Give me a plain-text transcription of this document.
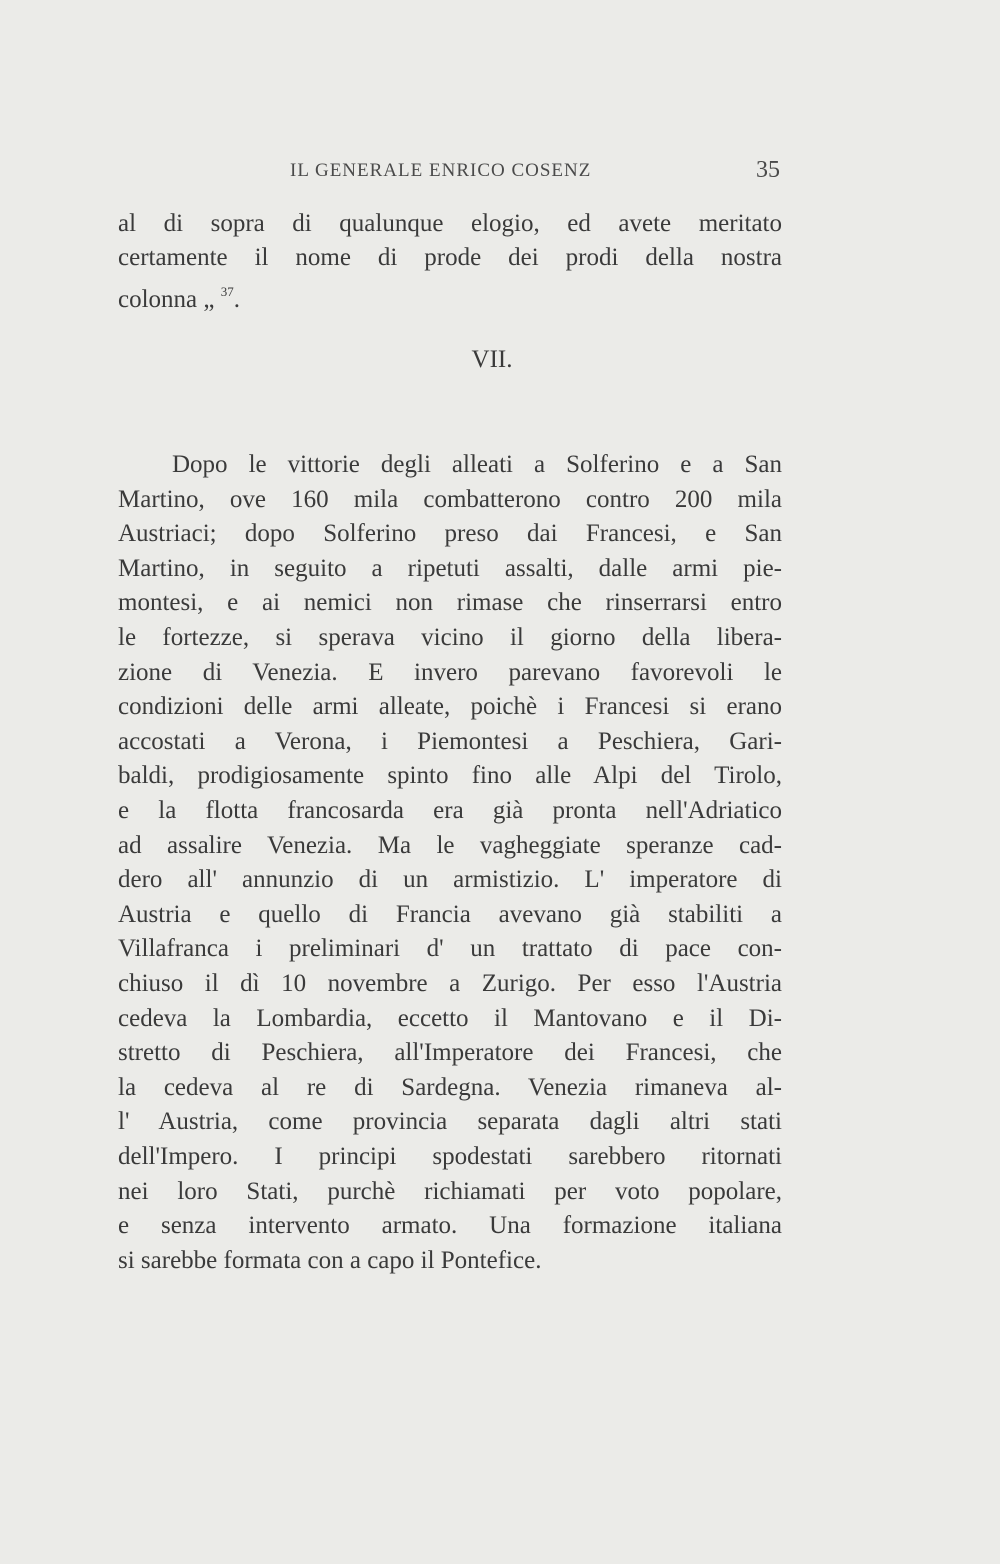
IL GENERALE ENRICO COSENZ	35
al di sopra di qualunque elogio, ed avete meritato
certamente il nome di prode dei prodi della nostra
colonna „ $^{37}$.
VII.
Dopo le vittorie degli alleati a Solferino e a San
Martino, ove 160 mila combatterono contro 200 mila
Austriaci; dopo Solferino preso dai Francesi, e San
Martino, in seguito a ripetuti assalti, dalle armi pie-
montesi, e ai nemici non rimase che rinserrarsi entro
le fortezze, si sperava vicino il giorno della libera-
zione di Venezia. E invero parevano favorevoli le
condizioni delle armi alleate, poichè i Francesi si erano
accostati a Verona, i Piemontesi a Peschiera, Gari-
baldi, prodigiosamente spinto fino alle Alpi del Tirolo,
e la flotta francosarda era già pronta nell'Adriatico
ad assalire Venezia. Ma le vagheggiate speranze cad-
dero all' annunzio di un armistizio. L' imperatore di
Austria e quello di Francia avevano già stabiliti a
Villafranca i preliminari d' un trattato di pace con-
chiuso il dì 10 novembre a Zurigo. Per esso l'Austria
cedeva la Lombardia, eccetto il Mantovano e il Di-
stretto di Peschiera, all'Imperatore dei Francesi, che
la cedeva al re di Sardegna. Venezia rimaneva al-
l' Austria, come provincia separata dagli altri stati
dell'Impero. I principi spodestati sarebbero ritornati
nei loro Stati, purchè richiamati per voto popolare,
e senza intervento armato. Una formazione italiana
si sarebbe formata con a capo il Pontefice.
